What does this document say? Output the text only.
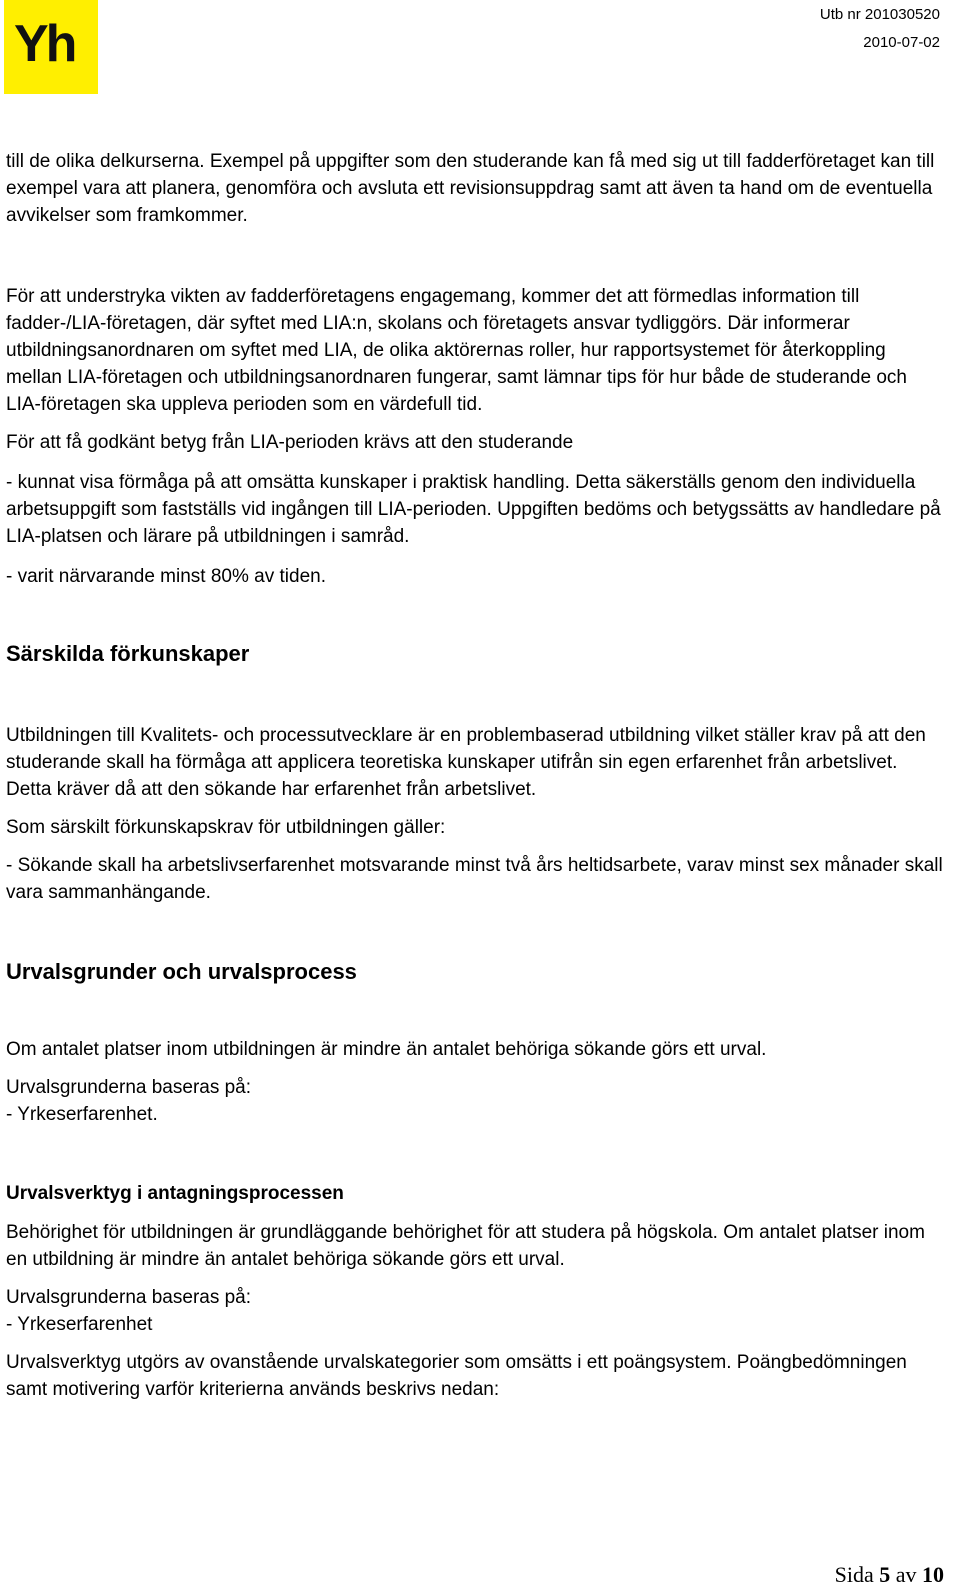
Yh
Utb nr 201030520
2010-07-02

till de olika delkurserna. Exempel på uppgifter som den studerande kan få med sig ut till fadderföretaget kan till exempel vara att planera, genomföra och avsluta ett revisionsuppdrag samt att även ta hand om de eventuella avvikelser som framkommer.

För att understryka vikten av fadderföretagens engagemang, kommer det att förmedlas information till fadder-/LIA-företagen, där syftet med LIA:n, skolans och företagets ansvar tydliggörs. Där informerar utbildningsanordnaren om syftet med LIA, de olika aktörernas roller, hur rapportsystemet för återkoppling mellan LIA-företagen och utbildningsanordnaren fungerar, samt lämnar tips för hur både de studerande och LIA-företagen ska uppleva perioden som en värdefull tid.

För att få godkänt betyg från LIA-perioden krävs att den studerande

- kunnat visa förmåga på att omsätta kunskaper i praktisk handling. Detta säkerställs genom den individuella arbetsuppgift som fastställs vid ingången till LIA-perioden. Uppgiften bedöms och betygssätts av handledare på LIA-platsen och lärare på utbildningen i samråd.

- varit närvarande minst 80% av tiden.

Särskilda förkunskaper

Utbildningen till Kvalitets- och processutvecklare är en problembaserad utbildning vilket ställer krav på att den studerande skall ha förmåga att applicera teoretiska kunskaper utifrån sin egen erfarenhet från arbetslivet. Detta kräver då att den sökande har erfarenhet från arbetslivet.

Som särskilt förkunskapskrav för utbildningen gäller:

- Sökande skall ha arbetslivserfarenhet motsvarande minst två års heltidsarbete, varav minst sex månader skall vara sammanhängande.

Urvalsgrunder och urvalsprocess

Om antalet platser inom utbildningen är mindre än antalet behöriga sökande görs ett urval.

Urvalsgrunderna baseras på:

- Yrkeserfarenhet.

Urvalsverktyg i antagningsprocessen

Behörighet för utbildningen är grundläggande behörighet för att studera på högskola. Om antalet platser inom en utbildning är mindre än antalet behöriga sökande görs ett urval.

Urvalsgrunderna baseras på:

- Yrkeserfarenhet

Urvalsverktyg utgörs av ovanstående urvalskategorier som omsätts i ett poängsystem. Poängbedömningen samt motivering varför kriterierna används beskrivs nedan:

Sida 5 av 10
